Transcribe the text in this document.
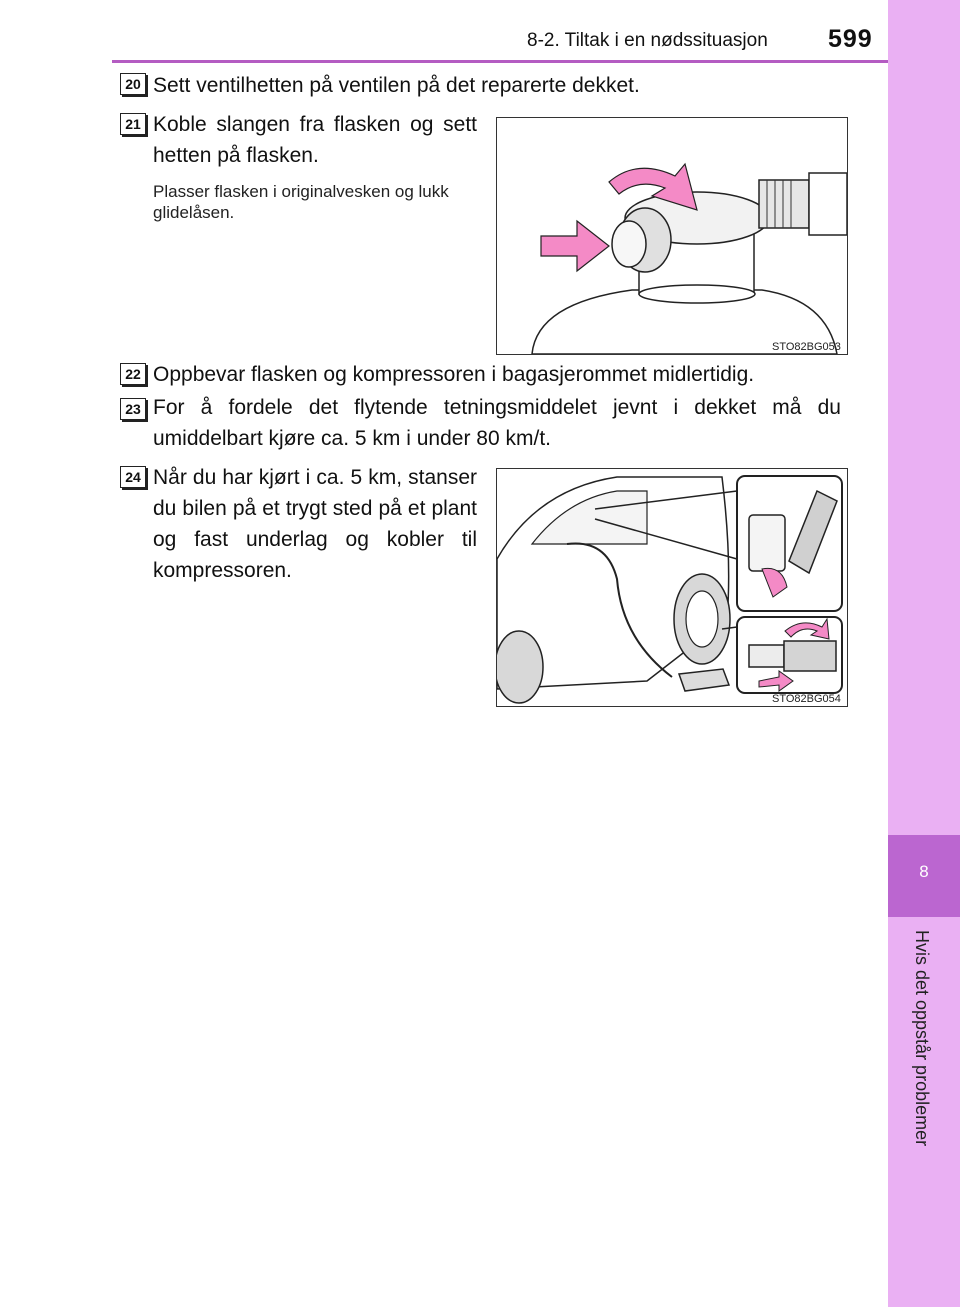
8-2. Tiltak i en nødssituasjon 599
8
Hvis det oppstår problemer
20 Sett ventilhetten på ventilen på det reparerte dekket.
21 Koble slangen fra flasken og sett hetten på flasken.
Plasser flasken i originalvesken og lukk glidelåsen.
STO82BG053
22 Oppbevar flasken og kompressoren i bagasjerommet midlertidig.
23 For å fordele det flytende tetningsmiddelet jevnt i dekket må du umiddelbart kjøre ca. 5 km i under 80 km/t.
24 Når du har kjørt i ca. 5 km, stanser du bilen på et trygt sted på et plant og fast underlag og kobler til kompressoren.
STO82BG054
